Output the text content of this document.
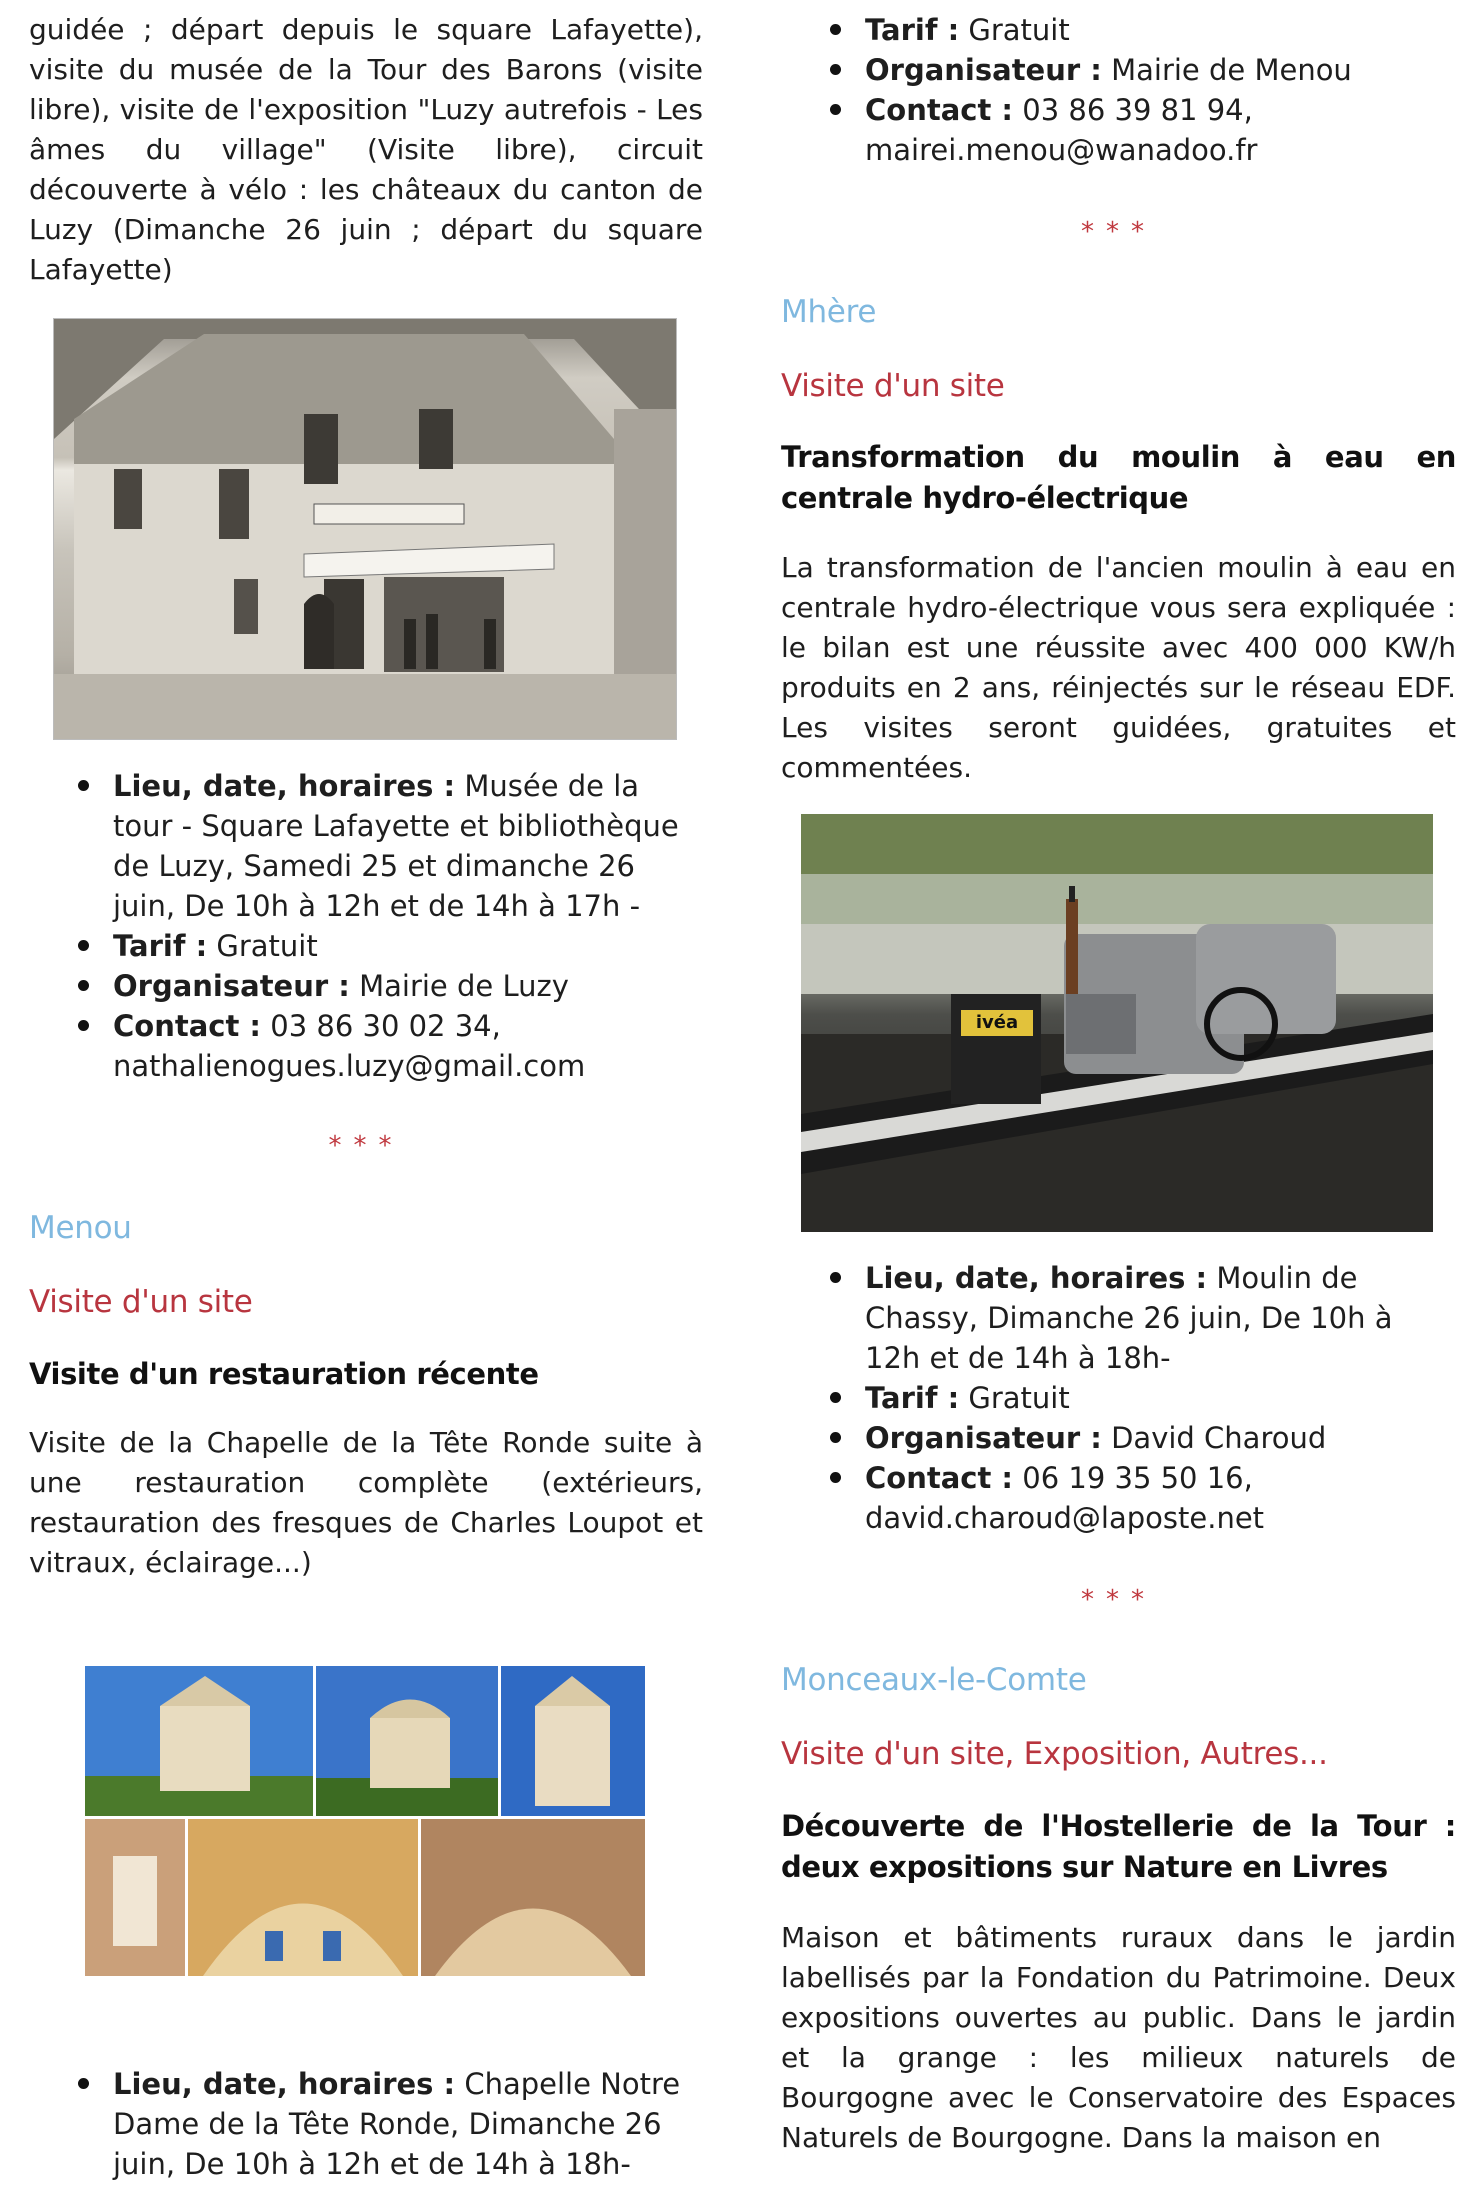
guidée ; départ depuis le square Lafayette), visite du musée de la Tour des Barons (visite libre), visite de l'exposition "Luzy autrefois - Les âmes du village" (Visite libre), circuit découverte à vélo : les châteaux du canton de Luzy (Dimanche 26 juin ; départ du square Lafayette)

Lieu, date, horaires : Musée de la tour - Square Lafayette et bibliothèque de Luzy, Samedi 25 et dimanche 26 juin, De 10h à 12h et de 14h à 17h -
Tarif : Gratuit
Organisateur : Mairie de Luzy
Contact : 03 86 30 02 34, nathalienogues.luzy@gmail.com
***
Menou
Visite d'un site

Visite d'un restauration récente

Visite de la Chapelle de la Tête Ronde suite à une restauration complète (extérieurs, restauration des fresques de Charles Loupot et vitraux, éclairage...)

Lieu, date, horaires : Chapelle Notre Dame de la Tête Ronde, Dimanche 26 juin, De 10h à 12h et de 14h à 18h-
Tarif : Gratuit
Organisateur : Mairie de Menou
Contact : 03 86 39 81 94, mairei.menou@wanadoo.fr
***
Mhère
Visite d'un site

Transformation du moulin à eau en centrale hydro-électrique

La transformation de l'ancien moulin à eau en centrale hydro-électrique vous sera expliquée : le bilan est une réussite avec 400 000 KW/h produits en 2 ans, réinjectés sur le réseau EDF. Les visites seront guidées, gratuites et commentées.

ivéa
Lieu, date, horaires : Moulin de Chassy, Dimanche 26 juin, De 10h à 12h et de 14h à 18h-
Tarif : Gratuit
Organisateur : David Charoud
Contact : 06 19 35 50 16, david.charoud@laposte.net
***
Monceaux-le-Comte
Visite d'un site, Exposition, Autres...

Découverte de l'Hostellerie de la Tour : deux expositions sur Nature en Livres

Maison et bâtiments ruraux dans le jardin labellisés par la Fondation du Patrimoine. Deux expositions ouvertes au public. Dans le jardin et la grange : les milieux naturels de Bourgogne avec le Conservatoire des Espaces Naturels de Bourgogne. Dans la maison en
